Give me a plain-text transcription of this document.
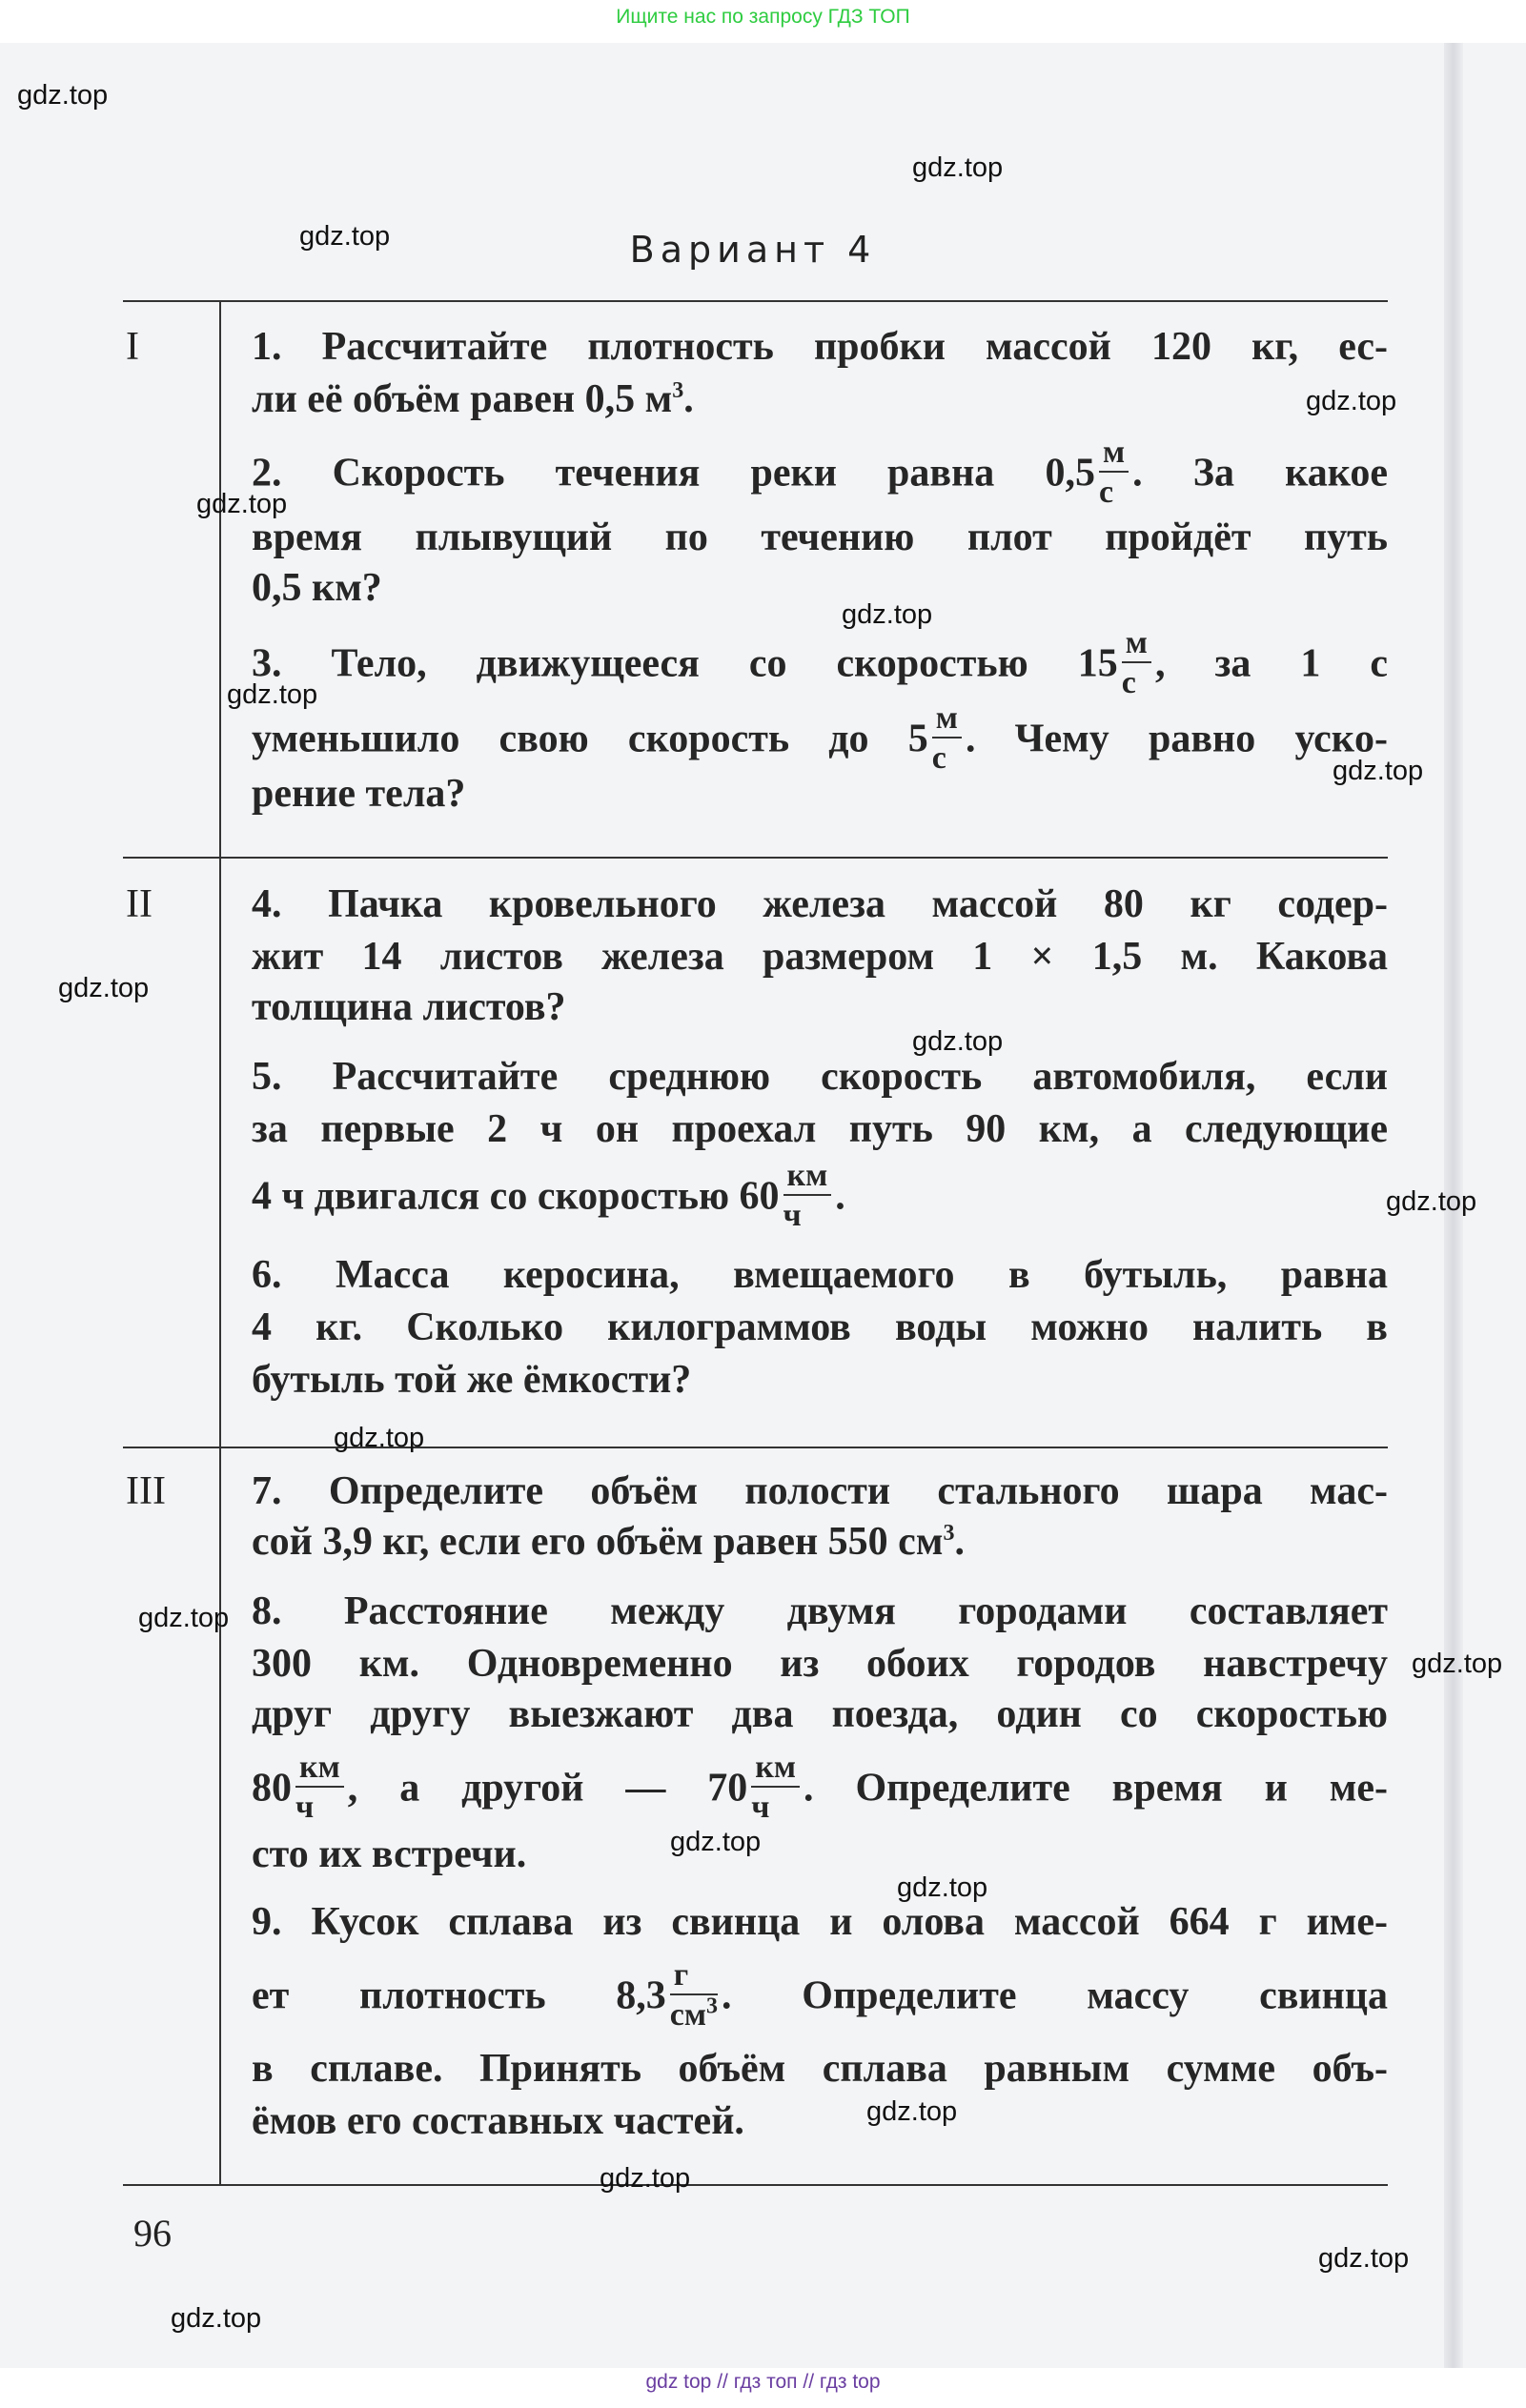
Ищите нас по запросу ГДЗ ТОП
Вариант 4
I
II
III
1. Рассчитайте плотность пробки массой 120 кг, ес-
ли её объём равен 0,5 $м^3$.
2. Скорость течения реки равна $0,5 \frac{м}{с}$ . За какое
время плывущий по течению плот пройдёт путь
0,5 км?
3. Тело, движущееся со скоростью $15 \frac{м}{с}$ , за 1 с
уменьшило свою скорость до $5 \frac{м}{с}$ . Чему равно ускo-
рение тела?
4. Пачка кровельного железа массой 80 кг содер-
жит 14 листов железа размером 1 × 1,5 м. Какова
толщина листов?
5. Рассчитайте среднюю скорость автомобиля, если
за первые 2 ч он проехал путь 90 км, а следующие
4 ч двигался со скоростью $60 \frac{км}{ч}$ .
6. Масса керосина, вмещаемого в бутыль, равна
4 кг. Сколько килограммов воды можно налить в
бутыль той же ёмкости?
7. Определите объём полости стального шара мас-
сой 3,9 кг, если его объём равен 550 $см^3$.
8. Расстояние между двумя городами составляет
300 км. Одновременно из обоих городов навстречу
друг другу выезжают два поезда, один со скоростью
$80 \frac{км}{ч}$ , а другой — $70 \frac{км}{ч}$ . Определите время и ме-
сто их встречи.
9. Кусок сплава из свинца и олова массой 664 г име-
ет плотность $8,3 \frac{г}{см^3}$ . Определите массу свинца
в сплаве. Принять объём сплава равным сумме объ-
ёмов его составных частей.
96
gdz.top
gdz.top
gdz.top
gdz.top
gdz.top
gdz.top
gdz.top
gdz.top
gdz.top
gdz.top
gdz.top
gdz.top
gdz.top
gdz.top
gdz.top
gdz.top
gdz.top
gdz.top
gdz.top
gdz.top
gdz top // гдз топ // гдз top
